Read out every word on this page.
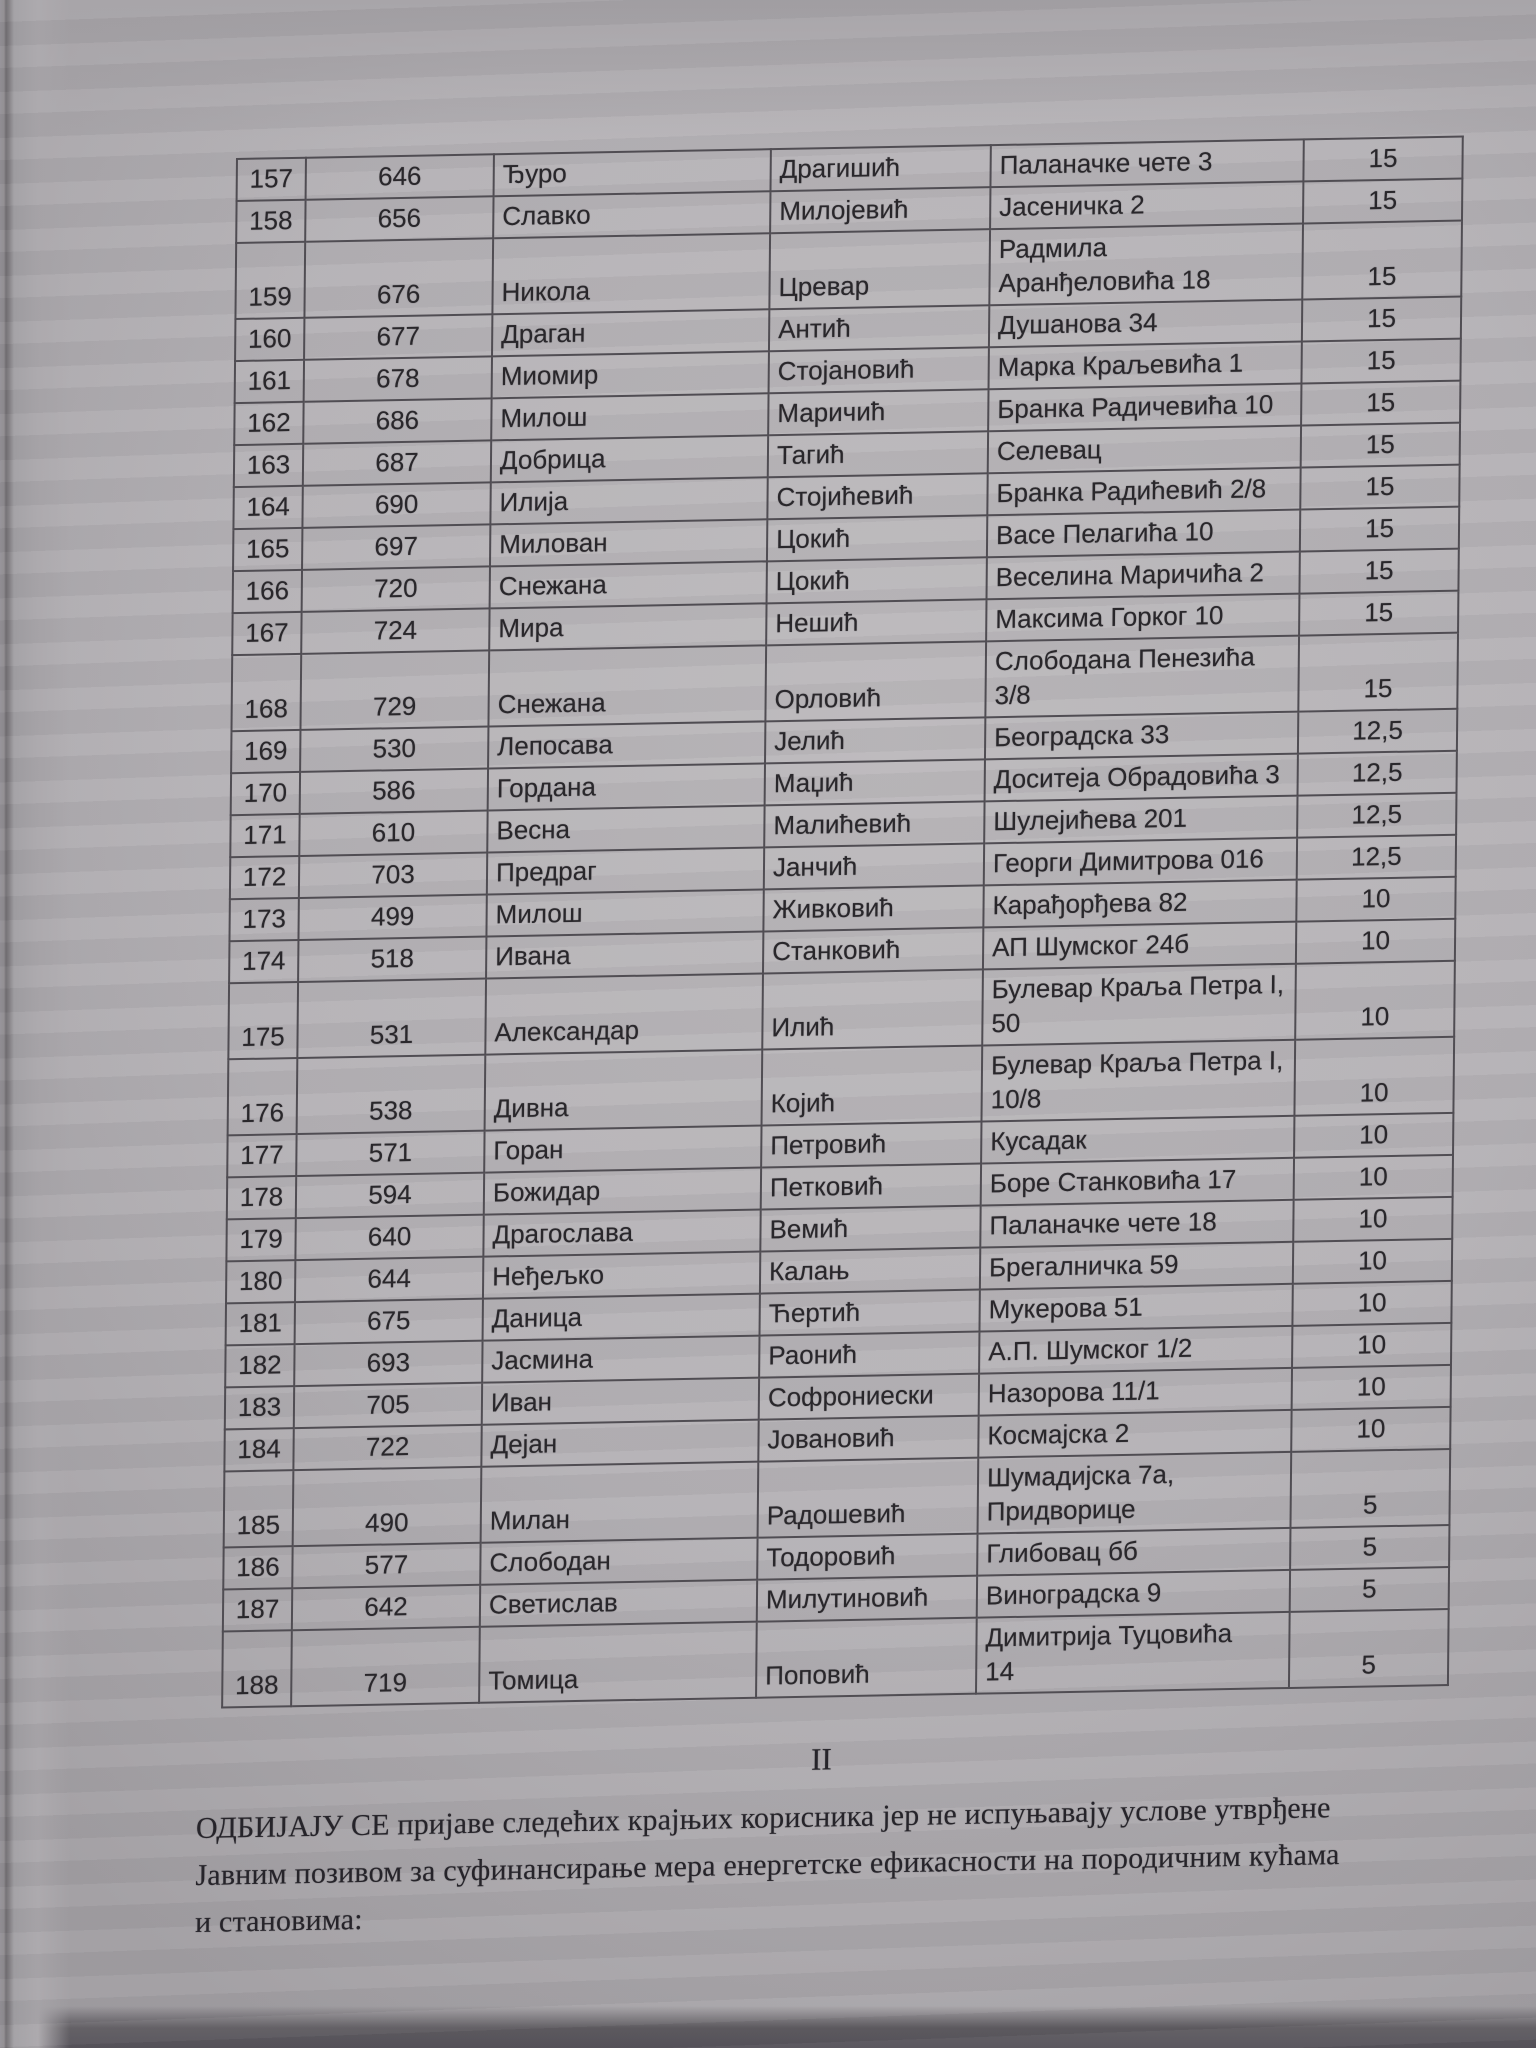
157	646	Ђуро	Драгишић	Паланачке чете 3	15
158	656	Славко	Милојевић	Јасеничка 2	15
159	676	Никола	Цревар	Радмила
Аранђеловића 18	15
160	677	Драган	Антић	Душанова 34	15
161	678	Миомир	Стојановић	Марка Краљевића 1	15
162	686	Милош	Маричић	Бранка Радичевића 10	15
163	687	Добрица	Тагић	Селевац	15
164	690	Илија	Стојићевић	Бранка Радићевић 2/8	15
165	697	Милован	Цокић	Васе Пелагића 10	15
166	720	Снежана	Цокић	Веселина Маричића 2	15
167	724	Мира	Нешић	Максима Горког 10	15
168	729	Снежана	Орловић	Слободана Пенезића
3/8	15
169	530	Лепосава	Јелић	Београдска 33	12,5
170	586	Гордана	Маџић	Доситеја Обрадовића 3	12,5
171	610	Весна	Малићевић	Шулејићева 201	12,5
172	703	Предраг	Јанчић	Георги Димитрова 016	12,5
173	499	Милош	Живковић	Карађорђева 82	10
174	518	Ивана	Станковић	АП Шумског 24б	10
175	531	Александар	Илић	Булевар Краља Петра I,
50	10
176	538	Дивна	Којић	Булевар Краља Петра I,
10/8	10
177	571	Горан	Петровић	Кусадак	10
178	594	Божидар	Петковић	Боре Станковића 17	10
179	640	Драгослава	Вемић	Паланачке чете 18	10
180	644	Неђељко	Калањ	Брегалничка 59	10
181	675	Даница	Ћертић	Мукерова 51	10
182	693	Јасмина	Раонић	А.П. Шумског 1/2	10
183	705	Иван	Софрониески	Назорова 11/1	10
184	722	Дејан	Јовановић	Космајска 2	10
185	490	Милан	Радошевић	Шумадијска 7а,
Придворице	5
186	577	Слободан	Тодоровић	Глибовац бб	5
187	642	Светислав	Милутиновић	Виноградска 9	5
188	719	Томица	Поповић	Димитрија Туцовића
14	5
II
ОДБИЈАЈУ СЕ пријаве следећих крајњих корисника јер не испуњавају услове утврђене
Јавним позивом за суфинансирање мера енергетске ефикасности на породичним кућама
и становима:
